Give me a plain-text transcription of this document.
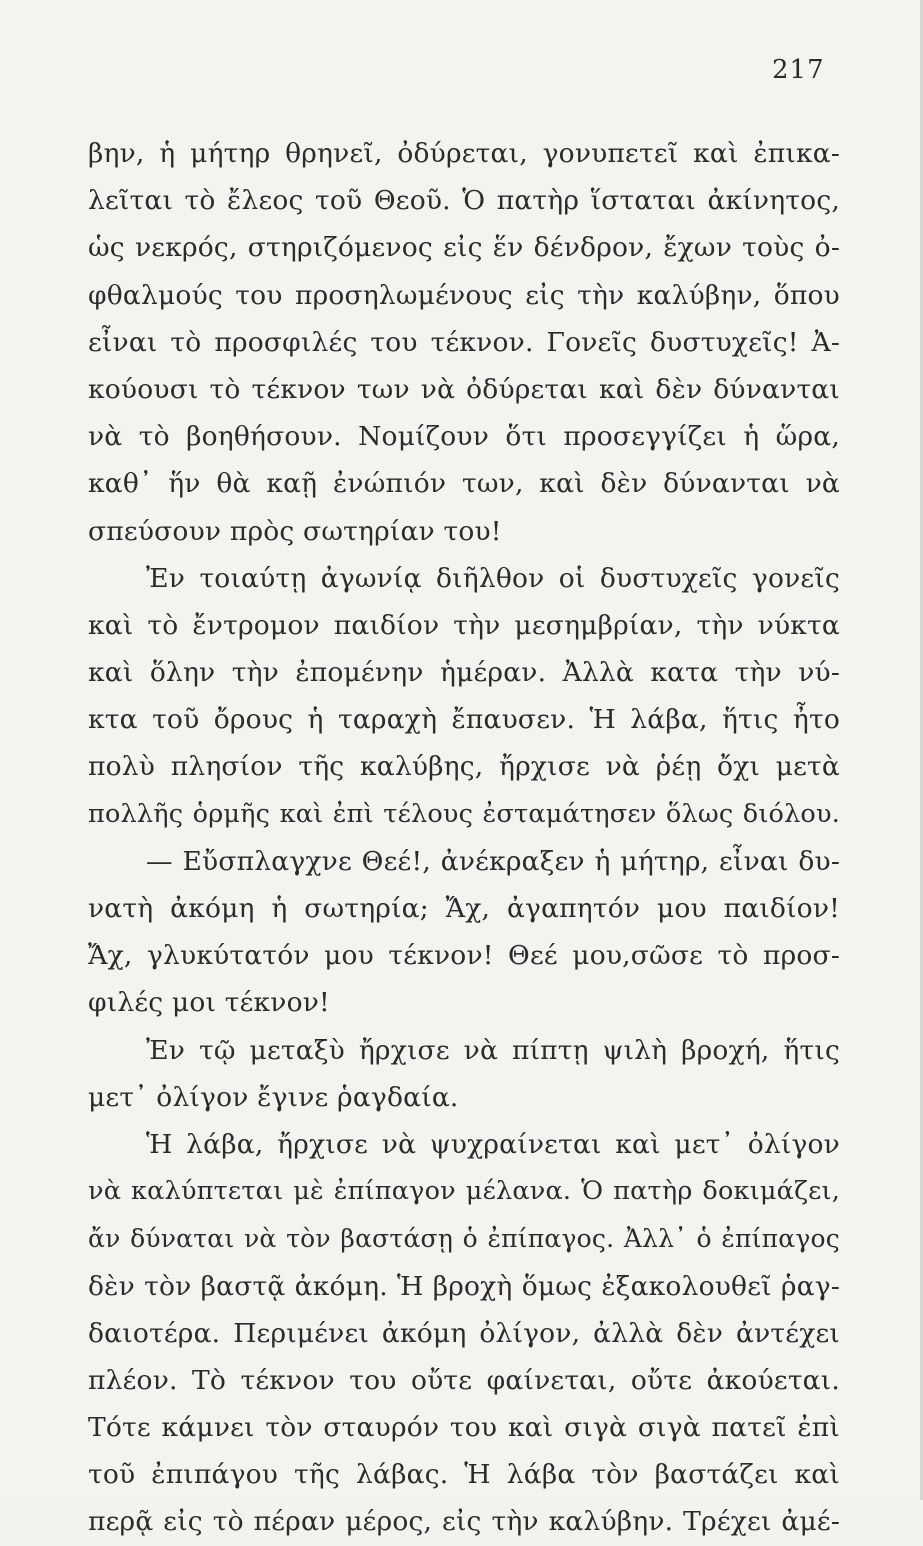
217
βην, ἡ μήτηρ θρηνεῖ, ὀδύρεται, γονυπετεῖ καὶ ἐπικα-
λεῖται τὸ ἔλεος τοῦ Θεοῦ. Ὁ πατὴρ ἵσταται ἀκίνητος,
ὡς νεκρός, στηριζόμενος εἰς ἕν δένδρον, ἔχων τοὺς ὀ-
φθαλμούς του προσηλωμένους εἰς τὴν καλύβην, ὅπου
εἶναι τὸ προσφιλές του τέκνον. Γονεῖς δυστυχεῖς! Ἀ-
κούουσι τὸ τέκνον των νὰ ὀδύρεται καὶ δὲν δύνανται
νὰ τὸ βοηθήσουν. Νομίζουν ὅτι προσεγγίζει ἡ ὥρα,
καθ᾽ ἥν θὰ καῇ ἐνώπιόν των, καὶ δὲν δύνανται νὰ
σπεύσουν πρὸς σωτηρίαν του!
Ἐν τοιαύτῃ ἀγωνίᾳ διῆλθον οἱ δυστυχεῖς γονεῖς
καὶ τὸ ἔντρομον παιδίον τὴν μεσημβρίαν, τὴν νύκτα
καὶ ὅλην τὴν ἐπομένην ἡμέραν. Ἀλλὰ κατα τὴν νύ-
κτα τοῦ ὄρους ἡ ταραχὴ ἔπαυσεν. Ἡ λάβα, ἥτις ἦτο
πολὺ πλησίον τῆς καλύβης, ἤρχισε νὰ ῥέῃ ὄχι μετὰ
πολλῆς ὁρμῆς καὶ ἐπὶ τέλους ἐσταμάτησεν ὅλως διόλου.
— Εὔσπλαγχνε Θεέ!, ἀνέκραξεν ἡ μήτηρ, εἶναι δυ-
νατὴ ἀκόμη ἡ σωτηρία; Ἄχ, ἀγαπητόν μου παιδίον!
Ἄχ, γλυκύτατόν μου τέκνον! Θεέ μου,σῶσε τὸ προσ-
φιλές μοι τέκνον!
Ἐν τῷ μεταξὺ ἤρχισε νὰ πίπτῃ ψιλὴ βροχή, ἥτις
μετ᾽ ὀλίγον ἔγινε ῥαγδαία.
Ἡ λάβα, ἤρχισε νὰ ψυχραίνεται καὶ μετ᾽ ὀλίγον
νὰ καλύπτεται μὲ ἐπίπαγον μέλανα. Ὁ πατὴρ δοκιμάζει,
ἄν δύναται νὰ τὸν βαστάσῃ ὁ ἐπίπαγος. Ἀλλ᾽ ὁ ἐπίπαγος
δὲν τὸν βαστᾷ ἀκόμη. Ἡ βροχὴ ὅμως ἐξακολουθεῖ ῥαγ-
δαιοτέρα. Περιμένει ἀκόμη ὀλίγον, ἀλλὰ δὲν ἀντέχει
πλέον. Τὸ τέκνον του οὔτε φαίνεται, οὔτε ἀκούεται.
Τότε κάμνει τὸν σταυρόν του καὶ σιγὰ σιγὰ πατεῖ ἐπὶ
τοῦ ἐπιπάγου τῆς λάβας. Ἡ λάβα τὸν βαστάζει καὶ
περᾷ εἰς τὸ πέραν μέρος, εἰς τὴν καλύβην. Τρέχει ἀμέ-
